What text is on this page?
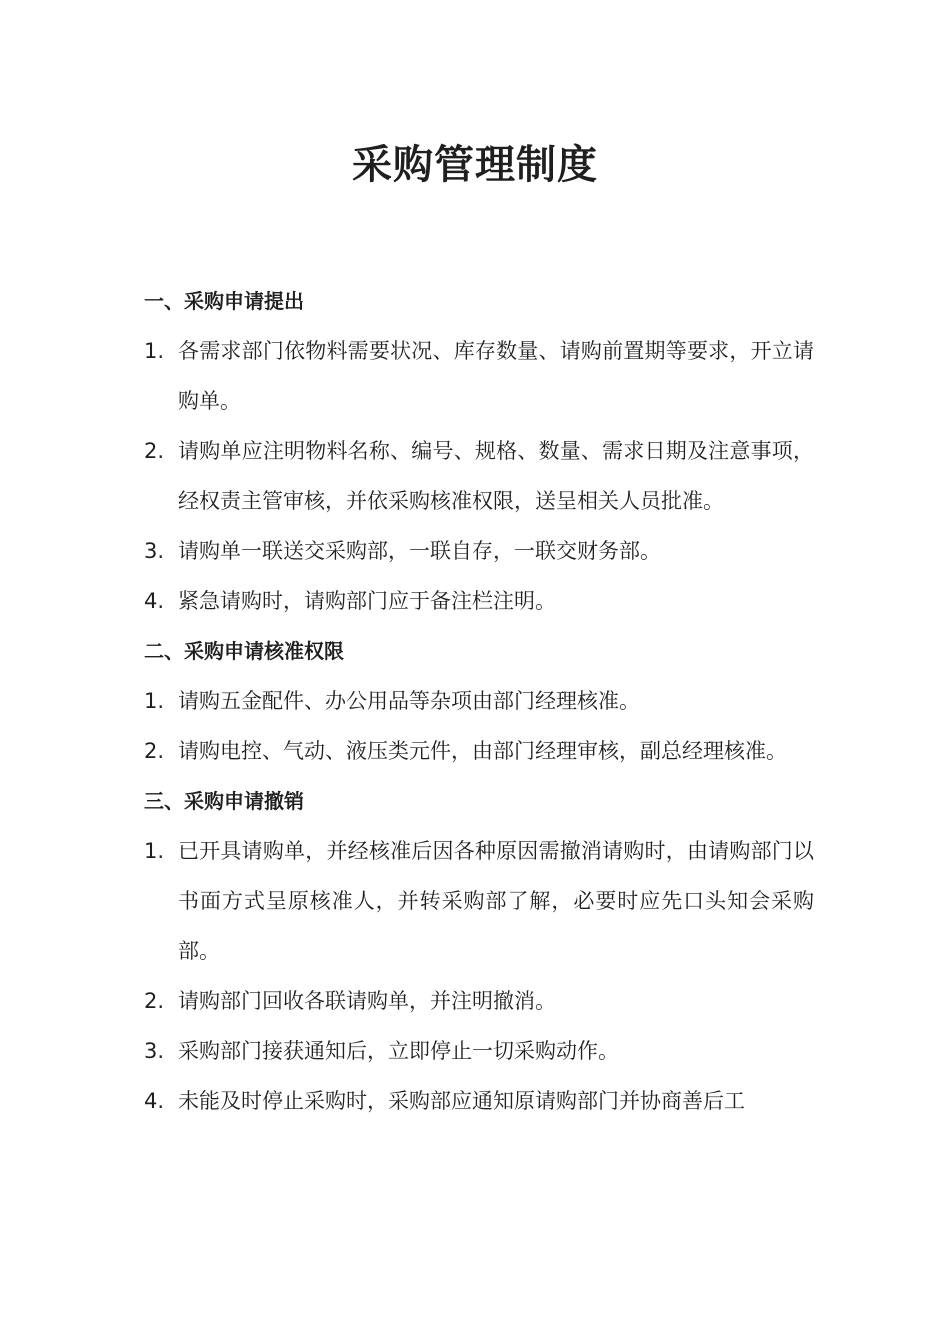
采购管理制度
一、采购申请提出
1. 各需求部门依物料需要状况、库存数量、请购前置期等要求，开立请购单。
2. 请购单应注明物料名称、编号、规格、数量、需求日期及注意事项，经权责主管审核，并依采购核准权限，送呈相关人员批准。
3. 请购单一联送交采购部，一联自存，一联交财务部。
4. 紧急请购时，请购部门应于备注栏注明。
二、采购申请核准权限
1. 请购五金配件、办公用品等杂项由部门经理核准。
2. 请购电控、气动、液压类元件，由部门经理审核，副总经理核准。
三、采购申请撤销
1. 已开具请购单，并经核准后因各种原因需撤消请购时，由请购部门以书面方式呈原核准人，并转采购部了解，必要时应先口头知会采购部。
2. 请购部门回收各联请购单，并注明撤消。
3. 采购部门接获通知后，立即停止一切采购动作。
4. 未能及时停止采购时，采购部应通知原请购部门并协商善后工
